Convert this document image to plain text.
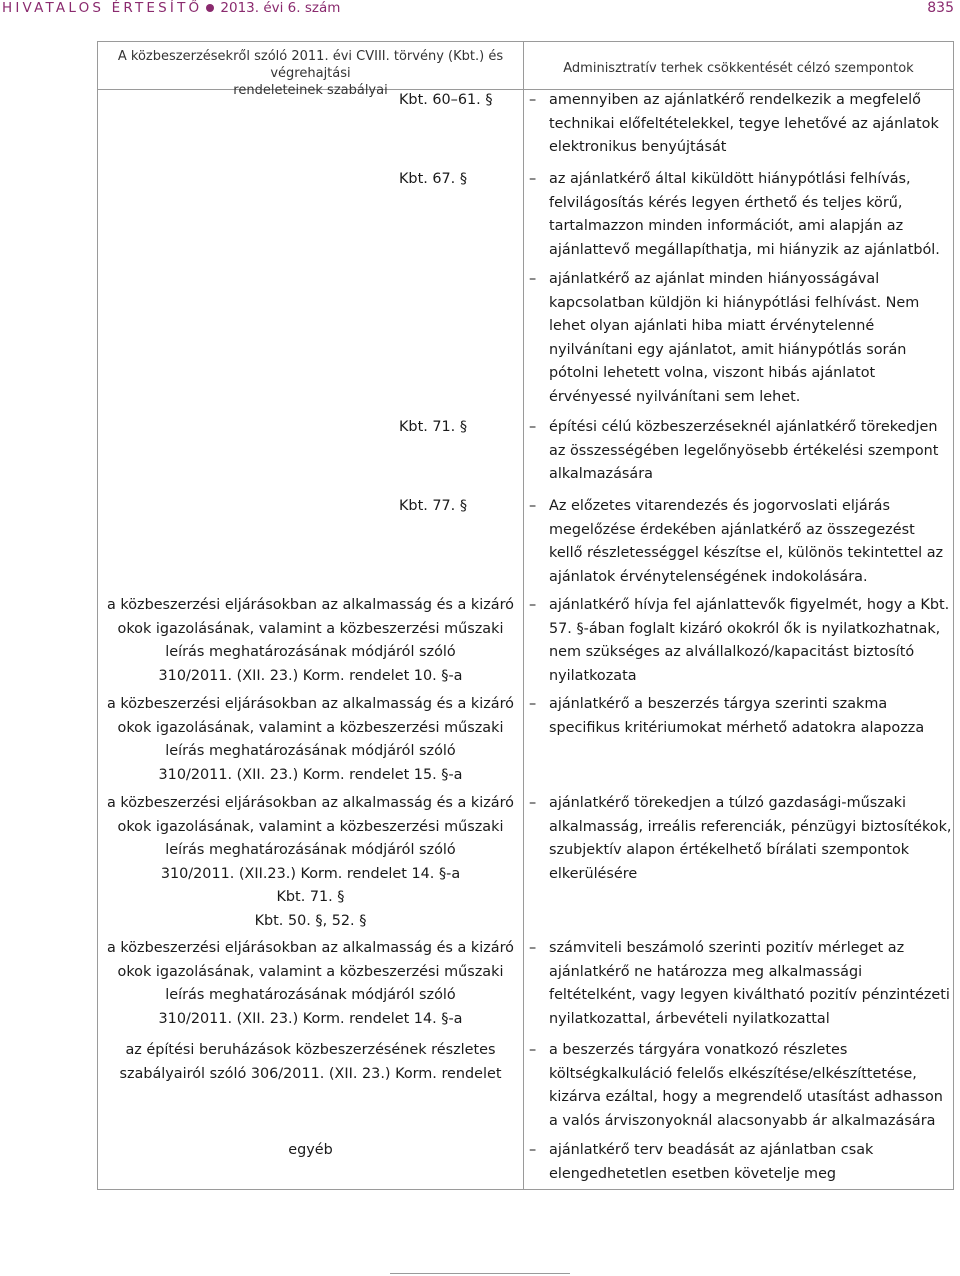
HIVATALOS ÉRTESÍTŐ 2013. évi 6. szám	835
A közbeszerzésekről szóló 2011. évi CVIII. törvény (Kbt.) és végrehajtási
rendeleteinek szabályai
Adminisztratív terhek csökkentését célzó szempontok
Kbt. 60–61. §
Kbt. 67. §
Kbt. 71. §
Kbt. 77. §
a közbeszerzési eljárásokban az alkalmasság és a kizáró
okok igazolásának, valamint a közbeszerzési műszaki
leírás meghatározásának módjáról szóló
310/2011. (XII. 23.) Korm. rendelet 10. §-a
a közbeszerzési eljárásokban az alkalmasság és a kizáró
okok igazolásának, valamint a közbeszerzési műszaki
leírás meghatározásának módjáról szóló
310/2011. (XII. 23.) Korm. rendelet 15. §-a
a közbeszerzési eljárásokban az alkalmasság és a kizáró
okok igazolásának, valamint a közbeszerzési műszaki
leírás meghatározásának módjáról szóló
310/2011. (XII.23.) Korm. rendelet 14. §-a
Kbt. 71. §
Kbt. 50. §, 52. §
a közbeszerzési eljárásokban az alkalmasság és a kizáró
okok igazolásának, valamint a közbeszerzési műszaki
leírás meghatározásának módjáról szóló
310/2011. (XII. 23.) Korm. rendelet 14. §-a
az építési beruházások közbeszerzésének részletes
szabályairól szóló 306/2011. (XII. 23.) Korm. rendelet
egyéb
– amennyiben az ajánlatkérő rendelkezik a megfelelő
technikai előfeltételekkel, tegye lehetővé az ajánlatok
elektronikus benyújtását
– az ajánlatkérő által kiküldött hiánypótlási felhívás,
felvilágosítás kérés legyen érthető és teljes körű,
tartalmazzon minden információt, ami alapján az
ajánlattevő megállapíthatja, mi hiányzik az ajánlatból.
– ajánlatkérő az ajánlat minden hiányosságával
kapcsolatban küldjön ki hiánypótlási felhívást. Nem
lehet olyan ajánlati hiba miatt érvénytelenné
nyilvánítani egy ajánlatot, amit hiánypótlás során
pótolni lehetett volna, viszont hibás ajánlatot
érvényessé nyilvánítani sem lehet.
– építési célú közbeszerzéseknél ajánlatkérő törekedjen
az összességében legelőnyösebb értékelési szempont
alkalmazására
– Az előzetes vitarendezés és jogorvoslati eljárás
megelőzése érdekében ajánlatkérő az összegezést
kellő részletességgel készítse el, különös tekintettel az
ajánlatok érvénytelenségének indokolására.
– ajánlatkérő hívja fel ajánlattevők figyelmét, hogy a Kbt.
57. §-ában foglalt kizáró okokról ők is nyilatkozhatnak,
nem szükséges az alvállalkozó/kapacitást biztosító
nyilatkozata
– ajánlatkérő a beszerzés tárgya szerinti szakma
specifikus kritériumokat mérhető adatokra alapozza
– ajánlatkérő törekedjen a túlzó gazdasági-műszaki
alkalmasság, irreális referenciák, pénzügyi biztosítékok,
szubjektív alapon értékelhető bírálati szempontok
elkerülésére
– számviteli beszámoló szerinti pozitív mérleget az
ajánlatkérő ne határozza meg alkalmassági
feltételként, vagy legyen kiváltható pozitív pénzintézeti
nyilatkozattal, árbevételi nyilatkozattal
– a beszerzés tárgyára vonatkozó részletes
költségkalkuláció felelős elkészítése/elkészíttetése,
kizárva ezáltal, hogy a megrendelő utasítást adhasson
a valós árviszonyoknál alacsonyabb ár alkalmazására
– ajánlatkérő terv beadását az ajánlatban csak
elengedhetetlen esetben követelje meg
